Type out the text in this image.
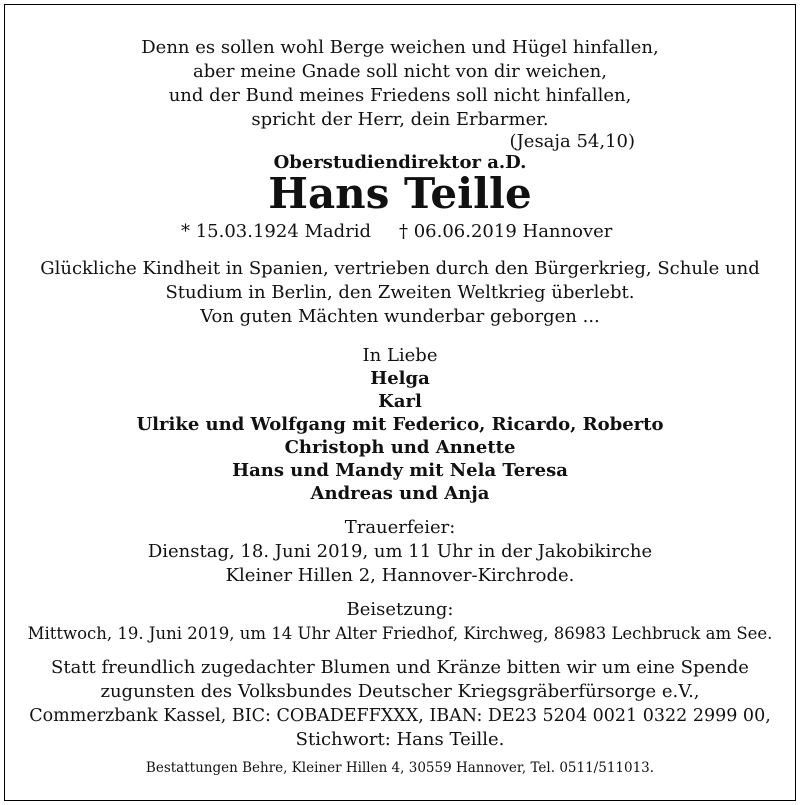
Denn es sollen wohl Berge weichen und Hügel hinfallen,
aber meine Gnade soll nicht von dir weichen,
und der Bund meines Friedens soll nicht hinfallen,
spricht der Herr, dein Erbarmer.
(Jesaja 54,10)
Oberstudiendirektor a.D.
Hans Teille
* 15.03.1924 Madrid † 06.06.2019 Hannover
Glückliche Kindheit in Spanien, vertrieben durch den Bürgerkrieg, Schule und
Studium in Berlin, den Zweiten Weltkrieg überlebt.
Von guten Mächten wunderbar geborgen ...
In Liebe
Helga
Karl
Ulrike und Wolfgang mit Federico, Ricardo, Roberto
Christoph und Annette
Hans und Mandy mit Nela Teresa
Andreas und Anja
Trauerfeier:
Dienstag, 18. Juni 2019, um 11 Uhr in der Jakobikirche
Kleiner Hillen 2, Hannover-Kirchrode.
Beisetzung:
Mittwoch, 19. Juni 2019, um 14 Uhr Alter Friedhof, Kirchweg, 86983 Lechbruck am See.
Statt freundlich zugedachter Blumen und Kränze bitten wir um eine Spende
zugunsten des Volksbundes Deutscher Kriegsgräberfürsorge e.V.,
Commerzbank Kassel, BIC: COBADEFFXXX, IBAN: DE23 5204 0021 0322 2999 00,
Stichwort: Hans Teille.
Bestattungen Behre, Kleiner Hillen 4, 30559 Hannover, Tel. 0511/511013.
